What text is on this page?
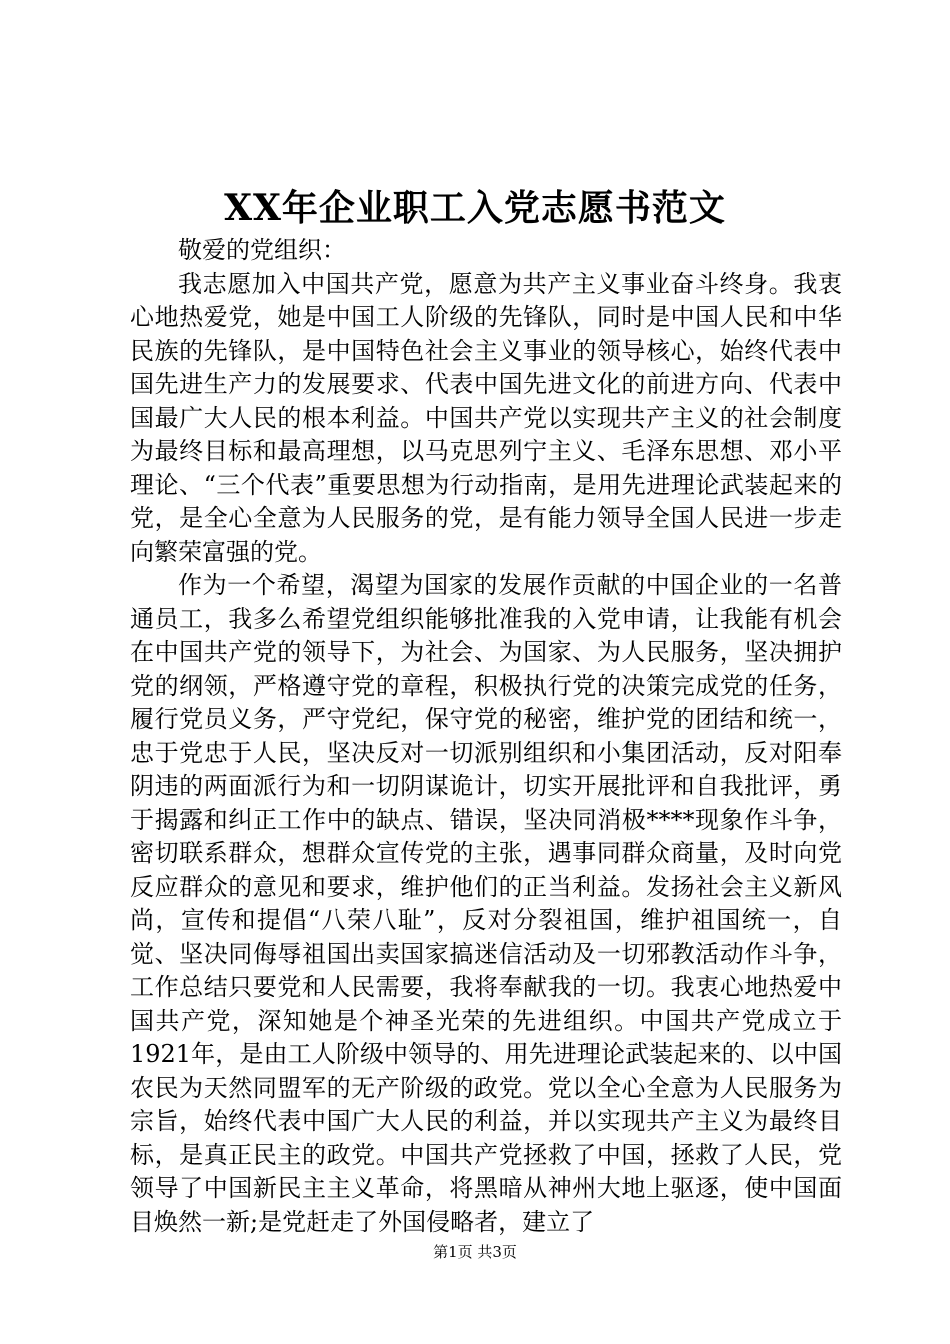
XX年企业职工入党志愿书范文

敬爱的党组织：

我志愿加入中国共产党，愿意为共产主义事业奋斗终身。我衷心地热爱党，她是中国工人阶级的先锋队，同时是中国人民和中华民族的先锋队，是中国特色社会主义事业的领导核心，始终代表中国先进生产力的发展要求、代表中国先进文化的前进方向、代表中国最广大人民的根本利益。中国共产党以实现共产主义的社会制度为最终目标和最高理想，以马克思列宁主义、毛泽东思想、邓小平理论、“三个代表”重要思想为行动指南，是用先进理论武装起来的党，是全心全意为人民服务的党，是有能力领导全国人民进一步走向繁荣富强的党。

作为一个希望，渴望为国家的发展作贡献的中国企业的一名普通员工，我多么希望党组织能够批准我的入党申请，让我能有机会在中国共产党的领导下，为社会、为国家、为人民服务，坚决拥护党的纲领，严格遵守党的章程，积极执行党的决策完成党的任务，履行党员义务，严守党纪，保守党的秘密，维护党的团结和统一，忠于党忠于人民，坚决反对一切派别组织和小集团活动，反对阳奉阴违的两面派行为和一切阴谋诡计，切实开展批评和自我批评，勇于揭露和纠正工作中的缺点、错误，坚决同消极****现象作斗争，密切联系群众，想群众宣传党的主张，遇事同群众商量，及时向党反应群众的意见和要求，维护他们的正当利益。发扬社会主义新风尚，宣传和提倡“八荣八耻”，反对分裂祖国，维护祖国统一，自觉、坚决同侮辱祖国出卖国家搞迷信活动及一切邪教活动作斗争，工作总结只要党和人民需要，我将奉献我的一切。我衷心地热爱中国共产党，深知她是个神圣光荣的先进组织。中国共产党成立于1921年，是由工人阶级中领导的、用先进理论武装起来的、以中国农民为天然同盟军的无产阶级的政党。党以全心全意为人民服务为宗旨，始终代表中国广大人民的利益，并以实现共产主义为最终目标，是真正民主的政党。中国共产党拯救了中国，拯救了人民，党领导了中国新民主主义革命，将黑暗从神州大地上驱逐，使中国面目焕然一新;是党赶走了外国侵略者，建立了

第1页 共3页
